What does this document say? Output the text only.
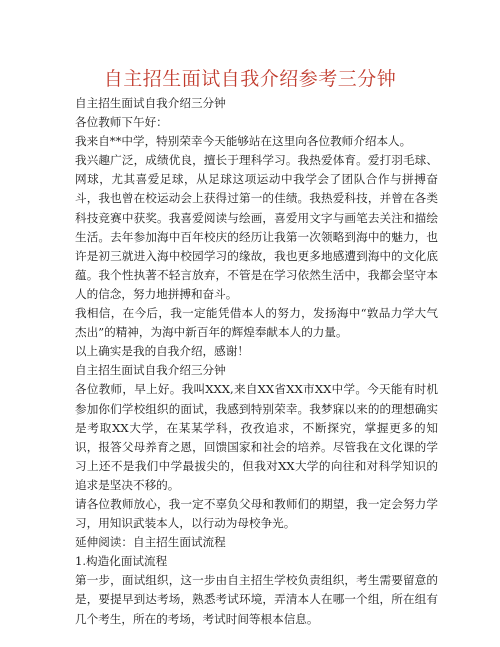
自主招生面试自我介绍参考三分钟

自主招生面试自我介绍三分钟

各位教师下午好：

我来自**中学，特别荣幸今天能够站在这里向各位教师介绍本人。

我兴趣广泛，成绩优良，擅长于理科学习。我热爱体育。爱打羽毛球、网球，尤其喜爱足球，从足球这项运动中我学会了团队合作与拼搏奋斗，我也曾在校运动会上获得过第一的佳绩。我热爱科技，并曾在各类科技竞赛中获奖。我喜爱阅读与绘画，喜爱用文字与画笔去关注和描绘生活。去年参加海中百年校庆的经历让我第一次领略到海中的魅力，也许是初三就进入海中校园学习的缘故，我也更多地感遭到海中的文化底蕴。我个性执著不轻言放弃，不管是在学习依然生活中，我都会坚守本人的信念，努力地拼搏和奋斗。

我相信，在今后，我一定能凭借本人的努力，发扬海中“敦品力学大气杰出”的精神，为海中新百年的辉煌奉献本人的力量。

以上确实是我的自我介绍，感谢！

自主招生面试自我介绍三分钟

各位教师，早上好。我叫XXX,来自XX省XX市XX中学。今天能有时机参加你们学校组织的面试，我感到特别荣幸。我梦寐以来的的理想确实是考取XX大学，在某某学科，孜孜追求，不断探究，掌握更多的知识，报答父母养育之恩，回馈国家和社会的培养。尽管我在文化课的学习上还不是我们中学最拔尖的，但我对XX大学的向往和对科学知识的追求是坚决不移的。

请各位教师放心，我一定不辜负父母和教师们的期望，我一定会努力学习，用知识武装本人，以行动为母校争光。

延伸阅读：自主招生面试流程

1.构造化面试流程

第一步，面试组织，这一步由自主招生学校负责组织，考生需要留意的是，要提早到达考场，熟悉考试环境，弄清本人在哪一个组，所在组有几个考生，所在的考场，考试时间等根本信息。
